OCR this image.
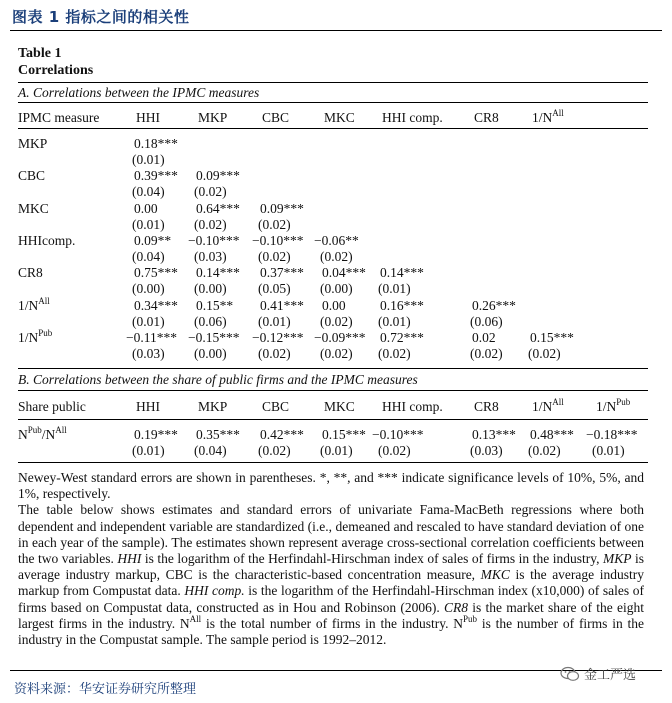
图表 1 指标之间的相关性
Table 1
Correlations
A. Correlations between the IPMC measures
IPMC measure	HHI	MKP	CBC	MKC HHI comp. CR8 $1/N^{All}$
MKP	0.18***
(0.01)
CBC	0.39*** 0.09***
(0.04) (0.02)
MKC	0.00	0.64*** 0.09***
(0.01) (0.02) (0.02)
HHIcomp.	0.09** −0.10*** −0.10*** −0.06**
(0.04) (0.03) (0.02) (0.02)
CR8	0.75*** 0.14*** 0.37*** 0.04*** 0.14***
(0.00) (0.00) (0.05) (0.00) (0.01)
$1/N^{All}$	0.34*** 0.15** 0.41*** 0.00	0.16***	0.26***
(0.01) (0.06) (0.01) (0.02) (0.01)	(0.06)
$1/N^{Pub}$	−0.11*** −0.15*** −0.12*** −0.09*** 0.72***	0.02	0.15***
(0.03) (0.00) (0.02) (0.02) (0.02)	(0.02) (0.02)
B. Correlations between the share of public firms and the IPMC measures
Share public	HHI	MKP	CBC	MKC HHI comp. CR8 $1/N^{All}$ $1/N^{Pub}$
$N^{Pub}/N^{All}$	0.19*** 0.35*** 0.42*** 0.15*** −0.10***	0.13*** 0.48*** −0.18***
(0.01) (0.04) (0.02) (0.01) (0.02)	(0.03) (0.02) (0.01)

Newey-West standard errors are shown in parentheses. *, **, and *** indicate significance levels of 10%, 5%, and 1%, respectively.

The table below shows estimates and standard errors of univariate Fama-MacBeth regressions where both dependent and independent variable are standardized (i.e., demeaned and rescaled to have standard deviation of one in each year of the sample). The estimates shown represent average cross-sectional correlation coefficients between the two variables. HHI is the logarithm of the Herfindahl-Hirschman index of sales of firms in the industry, MKP is average industry markup, CBC is the characteristic-based concentration measure, MKC is the average industry markup from Compustat data. HHI comp. is the logarithm of the Herfindahl-Hirschman index (x10,000) of sales of firms based on Compustat data, constructed as in Hou and Robinson (2006). CR8 is the market share of the eight largest firms in the industry. $N^{All}$ is the total number of firms in the industry. $N^{Pub}$ is the number of firms in the industry in the Compustat sample. The sample period is 1992–2012.

资料来源：华安证券研究所整理
金工严选
